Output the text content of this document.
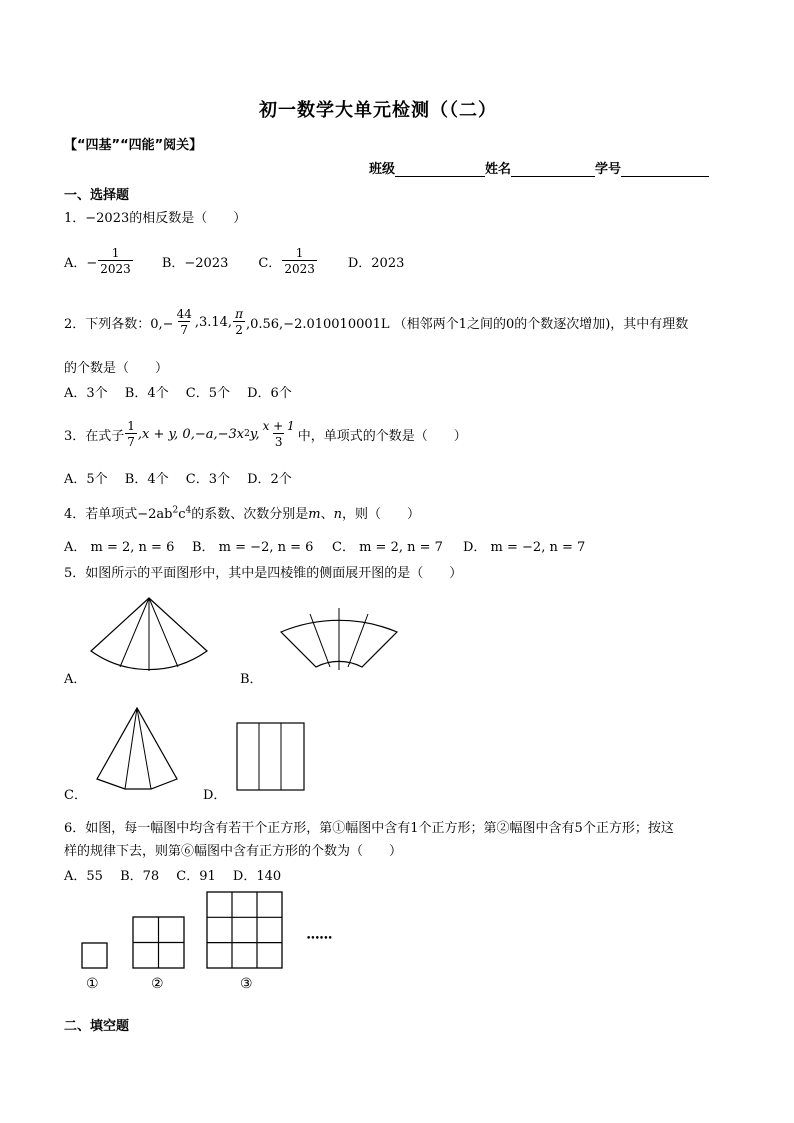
初一数学大单元检测（（二）
【“四基”“四能”阅关】
班级	姓名	学号
一、选择题
1．−2023的相反数是（　　）
A．− $\frac{1}{2023}$ B．−2023 C． $\frac{1}{2023}$ D．2023
2．下列各数：$0,- \frac{44}{7} ,3.14$, $\frac{\pi}{2} ,0.56,-2.010010001L$ （相邻两个1之间的0的个数逐次增加)，其中有理数
的个数是（　　）
A．3个　 B．4个　 C．5个　 D．6个
3．在式子 $\frac{1}{7} ,x + y$, 0,−a,−3x 2 y, $\frac{x + 1}{3}$ 中，单项式的个数是（　　）
A．5个　 B．4个　 C．3个　 D．2个
4．若单项式$-2ab^2c^4$的系数、次数分别是m、n，则（　　）
A． m = 2, n = 6 B． m = −2, n = 6 C． m = 2, n = 7 D． m = −2, n = 7
5．如图所示的平面图形中，其中是四棱锥的侧面展开图的是（　　）
A．	B．
C．	D．
6．如图，每一幅图中均含有若干个正方形，第①幅图中含有1个正方形；第②幅图中含有5个正方形；按这
样的规律下去，则第⑥幅图中含有正方形的个数为（　　）
A．55　 B．78　 C．91　 D．140
①	②	③
••••••
二、填空题
